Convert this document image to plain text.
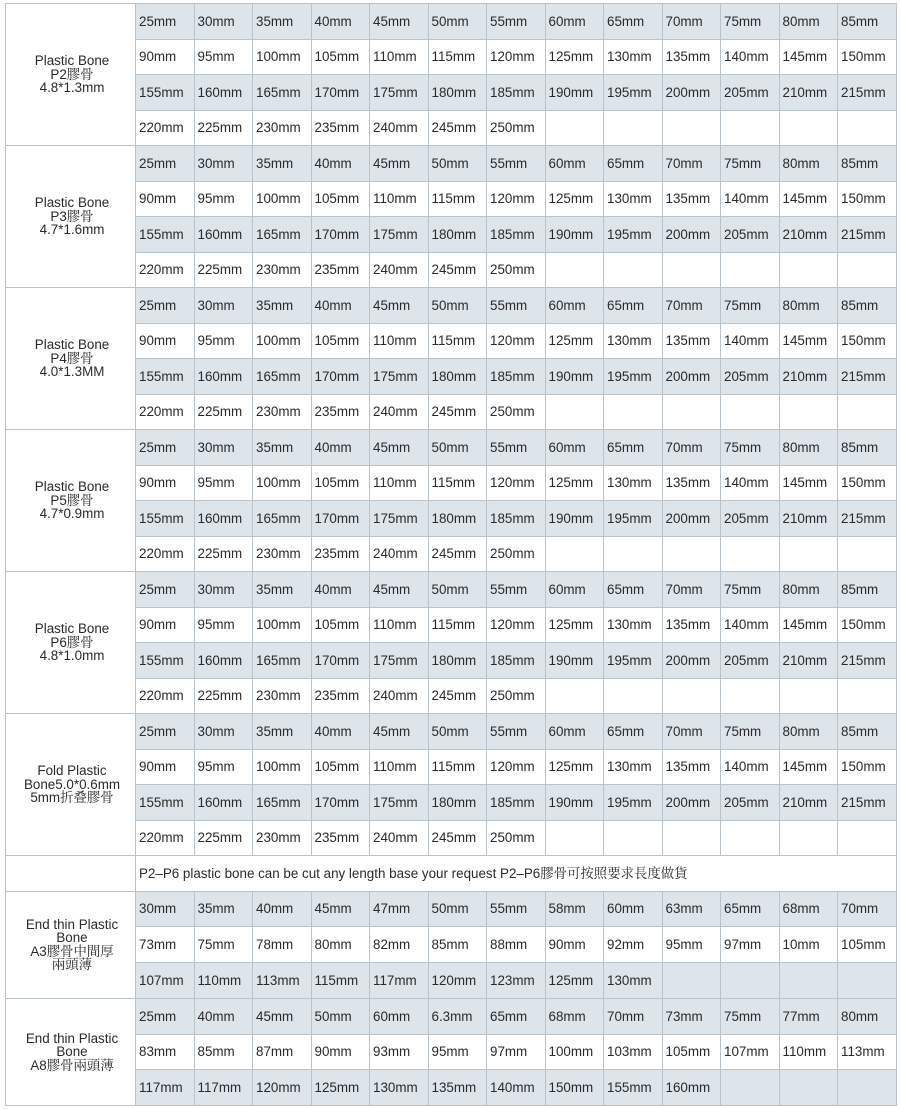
Plastic Bone
P2膠骨
4.8*1.3mm	25mm	30mm	35mm	40mm	45mm	50mm	55mm	60mm	65mm	70mm	75mm	80mm	85mm
	90mm	95mm	100mm	105mm	110mm	115mm	120mm	125mm	130mm	135mm	140mm	145mm	150mm
	155mm	160mm	165mm	170mm	175mm	180mm	185mm	190mm	195mm	200mm	205mm	210mm	215mm
	220mm	225mm	230mm	235mm	240mm	245mm	250mm						

Plastic Bone
P3膠骨
4.7*1.6mm	25mm	30mm	35mm	40mm	45mm	50mm	55mm	60mm	65mm	70mm	75mm	80mm	85mm
	90mm	95mm	100mm	105mm	110mm	115mm	120mm	125mm	130mm	135mm	140mm	145mm	150mm
	155mm	160mm	165mm	170mm	175mm	180mm	185mm	190mm	195mm	200mm	205mm	210mm	215mm
	220mm	225mm	230mm	235mm	240mm	245mm	250mm						

Plastic Bone
P4膠骨
4.0*1.3MM	25mm	30mm	35mm	40mm	45mm	50mm	55mm	60mm	65mm	70mm	75mm	80mm	85mm
	90mm	95mm	100mm	105mm	110mm	115mm	120mm	125mm	130mm	135mm	140mm	145mm	150mm
	155mm	160mm	165mm	170mm	175mm	180mm	185mm	190mm	195mm	200mm	205mm	210mm	215mm
	220mm	225mm	230mm	235mm	240mm	245mm	250mm						

Plastic Bone
P5膠骨
4.7*0.9mm	25mm	30mm	35mm	40mm	45mm	50mm	55mm	60mm	65mm	70mm	75mm	80mm	85mm
	90mm	95mm	100mm	105mm	110mm	115mm	120mm	125mm	130mm	135mm	140mm	145mm	150mm
	155mm	160mm	165mm	170mm	175mm	180mm	185mm	190mm	195mm	200mm	205mm	210mm	215mm
	220mm	225mm	230mm	235mm	240mm	245mm	250mm						

Plastic Bone
P6膠骨
4.8*1.0mm	25mm	30mm	35mm	40mm	45mm	50mm	55mm	60mm	65mm	70mm	75mm	80mm	85mm
	90mm	95mm	100mm	105mm	110mm	115mm	120mm	125mm	130mm	135mm	140mm	145mm	150mm
	155mm	160mm	165mm	170mm	175mm	180mm	185mm	190mm	195mm	200mm	205mm	210mm	215mm
	220mm	225mm	230mm	235mm	240mm	245mm	250mm						

Fold Plastic
Bone5.0*0.6mm
5mm折叠膠骨	25mm	30mm	35mm	40mm	45mm	50mm	55mm	60mm	65mm	70mm	75mm	80mm	85mm
	90mm	95mm	100mm	105mm	110mm	115mm	120mm	125mm	130mm	135mm	140mm	145mm	150mm
	155mm	160mm	165mm	170mm	175mm	180mm	185mm	190mm	195mm	200mm	205mm	210mm	215mm
	220mm	225mm	230mm	235mm	240mm	245mm	250mm						
	P2–P6 plastic bone can be cut any length base your request P2–P6膠骨可按照要求長度做貨												

End thin Plastic
Bone
A3膠骨中間厚
兩頭薄	30mm	35mm	40mm	45mm	47mm	50mm	55mm	58mm	60mm	63mm	65mm	68mm	70mm
	73mm	75mm	78mm	80mm	82mm	85mm	88mm	90mm	92mm	95mm	97mm	10mm	105mm
	107mm	110mm	113mm	115mm	117mm	120mm	123mm	125mm	130mm				

End thin Plastic
Bone
A8膠骨兩頭薄	25mm	40mm	45mm	50mm	60mm	6.3mm	65mm	68mm	70mm	73mm	75mm	77mm	80mm
	83mm	85mm	87mm	90mm	93mm	95mm	97mm	100mm	103mm	105mm	107mm	110mm	113mm
	117mm	117mm	120mm	125mm	130mm	135mm	140mm	150mm	155mm	160mm			
